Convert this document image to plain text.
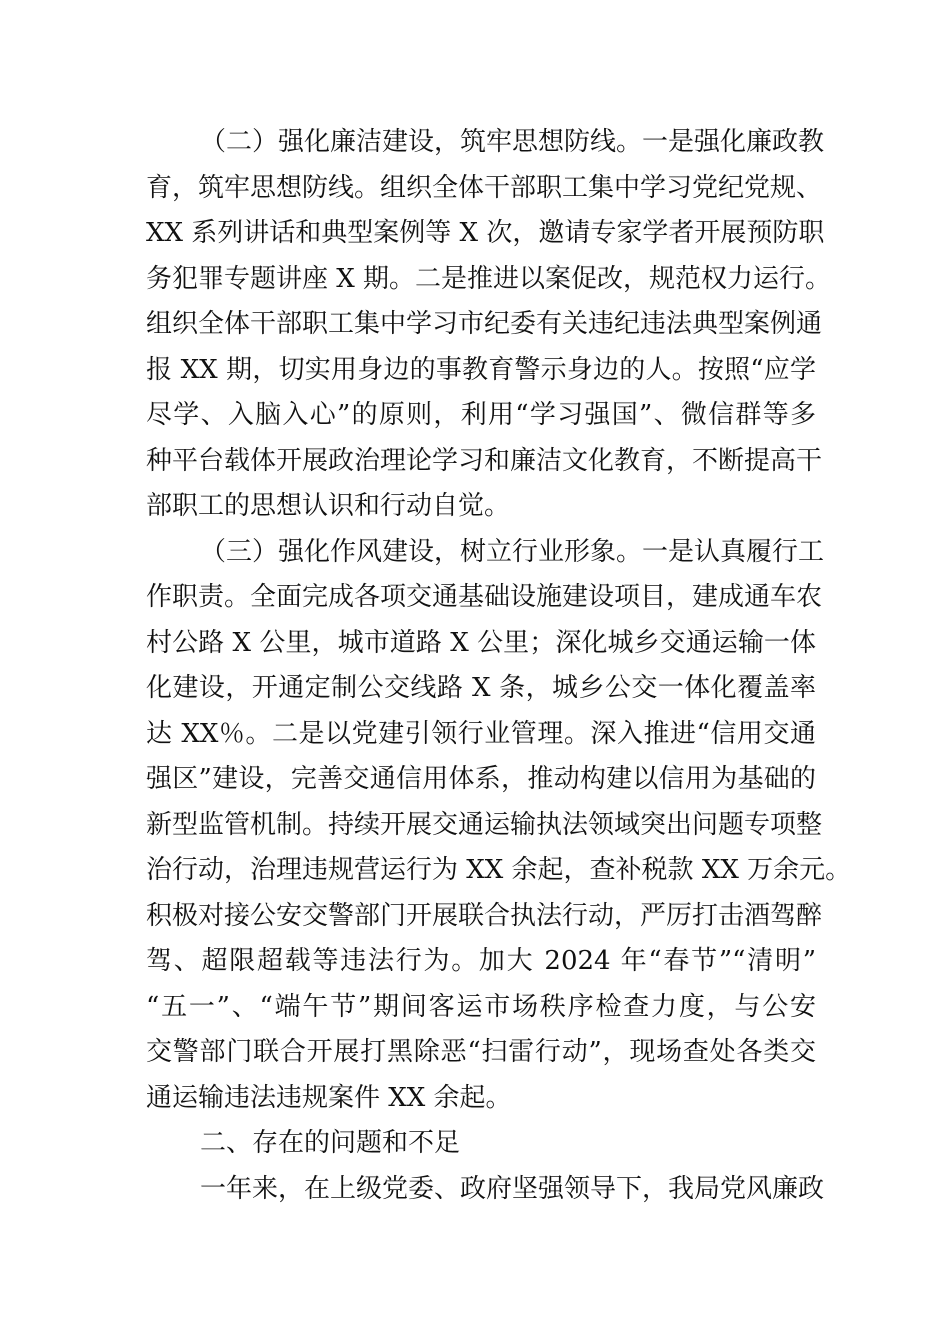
（二）强化廉洁建设，筑牢思想防线。一是强化廉政教
育，筑牢思想防线。组织全体干部职工集中学习党纪党规、
XX 系列讲话和典型案例等 X 次，邀请专家学者开展预防职
务犯罪专题讲座 X 期。二是推进以案促改，规范权力运行。
组织全体干部职工集中学习市纪委有关违纪违法典型案例通
报 XX 期，切实用身边的事教育警示身边的人。按照“应学
尽学、入脑入心”的原则，利用“学习强国”、微信群等多
种平台载体开展政治理论学习和廉洁文化教育，不断提高干
部职工的思想认识和行动自觉。
（三）强化作风建设，树立行业形象。一是认真履行工
作职责。全面完成各项交通基础设施建设项目，建成通车农
村公路 X 公里，城市道路 X 公里；深化城乡交通运输一体
化建设，开通定制公交线路 X 条，城乡公交一体化覆盖率
达 XX％。二是以党建引领行业管理。深入推进“信用交通
强区”建设，完善交通信用体系，推动构建以信用为基础的
新型监管机制。持续开展交通运输执法领域突出问题专项整
治行动，治理违规营运行为 XX 余起，查补税款 XX 万余元。
积极对接公安交警部门开展联合执法行动，严厉打击酒驾醉
驾、超限超载等违法行为。加大 2024 年“春节”“清明”
“五一”、“端午节”期间客运市场秩序检查力度，与公安
交警部门联合开展打黑除恶“扫雷行动”，现场查处各类交
通运输违法违规案件 XX 余起。
二、存在的问题和不足
一年来，在上级党委、政府坚强领导下，我局党风廉政
